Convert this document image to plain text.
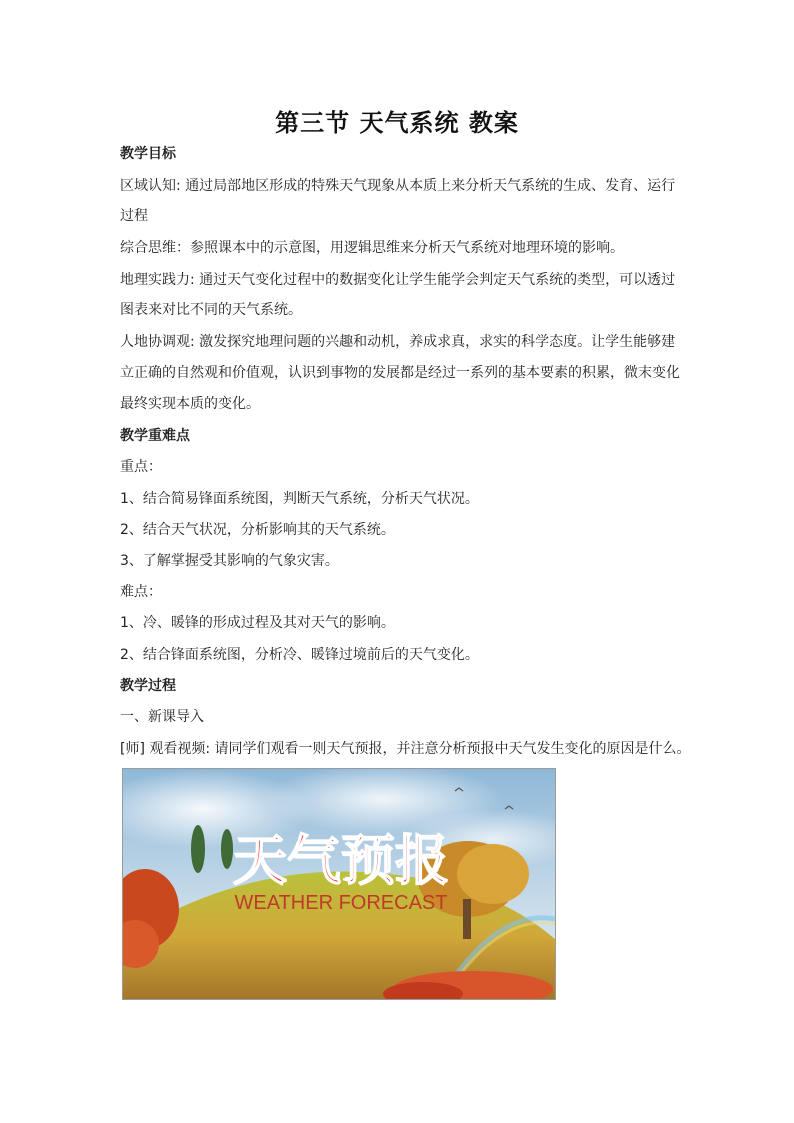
第三节 天气系统 教案
教学目标
区域认知: 通过局部地区形成的特殊天气现象从本质上来分析天气系统的生成、发育、运行
过程
综合思维：参照课本中的示意图，用逻辑思维来分析天气系统对地理环境的影响。
地理实践力: 通过天气变化过程中的数据变化让学生能学会判定天气系统的类型，可以透过
图表来对比不同的天气系统。
人地协调观: 激发探究地理问题的兴趣和动机，养成求真，求实的科学态度。让学生能够建
立正确的自然观和价值观，认识到事物的发展都是经过一系列的基本要素的积累，微末变化
最终实现本质的变化。
教学重难点
重点：
1、结合简易锋面系统图，判断天气系统，分析天气状况。
2、结合天气状况，分析影响其的天气系统。
3、了解掌握受其影响的气象灾害。
难点：
1、冷、暖锋的形成过程及其对天气的影响。
2、结合锋面系统图，分析冷、暖锋过境前后的天气变化。
教学过程
一、新课导入
[师] 观看视频: 请同学们观看一则天气预报，并注意分析预报中天气发生变化的原因是什么。
天气预报
WEATHER FORECAST
